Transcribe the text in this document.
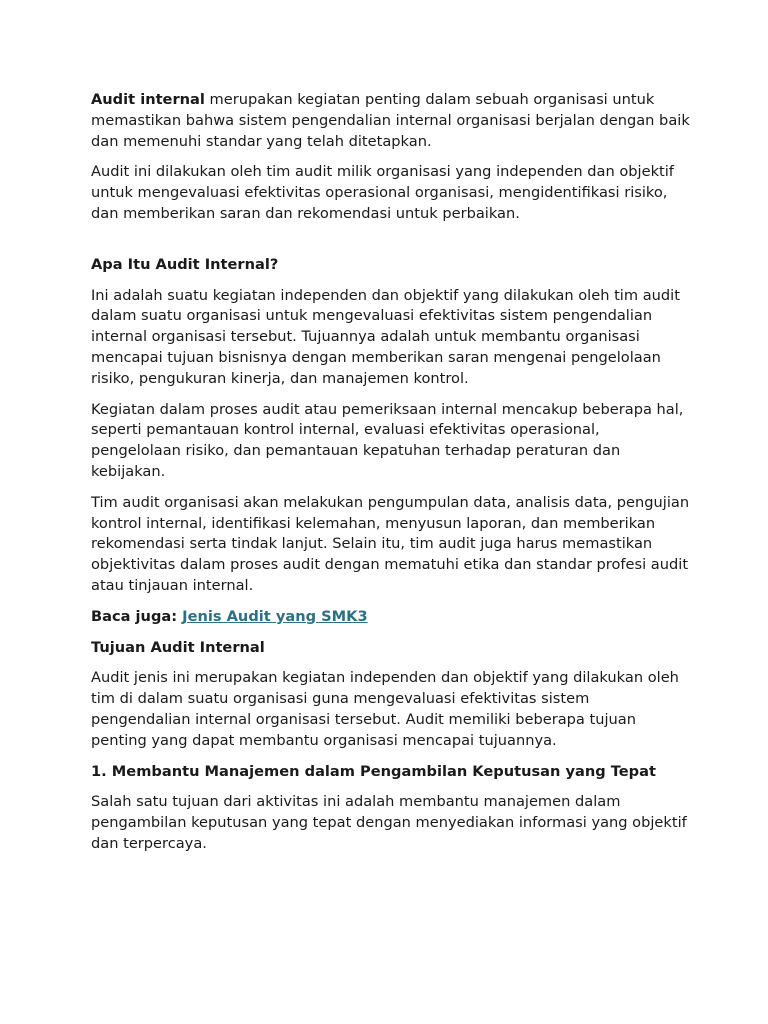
Audit internal merupakan kegiatan penting dalam sebuah organisasi untuk memastikan bahwa sistem pengendalian internal organisasi berjalan dengan baik dan memenuhi standar yang telah ditetapkan.

Audit ini dilakukan oleh tim audit milik organisasi yang independen dan objektif untuk mengevaluasi efektivitas operasional organisasi, mengidentifikasi risiko, dan memberikan saran dan rekomendasi untuk perbaikan.

Apa Itu Audit Internal?

Ini adalah suatu kegiatan independen dan objektif yang dilakukan oleh tim audit dalam suatu organisasi untuk mengevaluasi efektivitas sistem pengendalian internal organisasi tersebut. Tujuannya adalah untuk membantu organisasi mencapai tujuan bisnisnya dengan memberikan saran mengenai pengelolaan risiko, pengukuran kinerja, dan manajemen kontrol.

Kegiatan dalam proses audit atau pemeriksaan internal mencakup beberapa hal, seperti pemantauan kontrol internal, evaluasi efektivitas operasional, pengelolaan risiko, dan pemantauan kepatuhan terhadap peraturan dan kebijakan.

Tim audit organisasi akan melakukan pengumpulan data, analisis data, pengujian kontrol internal, identifikasi kelemahan, menyusun laporan, dan memberikan rekomendasi serta tindak lanjut. Selain itu, tim audit juga harus memastikan objektivitas dalam proses audit dengan mematuhi etika dan standar profesi audit atau tinjauan internal.

Baca juga: Jenis Audit yang SMK3

Tujuan Audit Internal

Audit jenis ini merupakan kegiatan independen dan objektif yang dilakukan oleh tim di dalam suatu organisasi guna mengevaluasi efektivitas sistem pengendalian internal organisasi tersebut. Audit memiliki beberapa tujuan penting yang dapat membantu organisasi mencapai tujuannya.

1. Membantu Manajemen dalam Pengambilan Keputusan yang Tepat

Salah satu tujuan dari aktivitas ini adalah membantu manajemen dalam pengambilan keputusan yang tepat dengan menyediakan informasi yang objektif dan terpercaya.
